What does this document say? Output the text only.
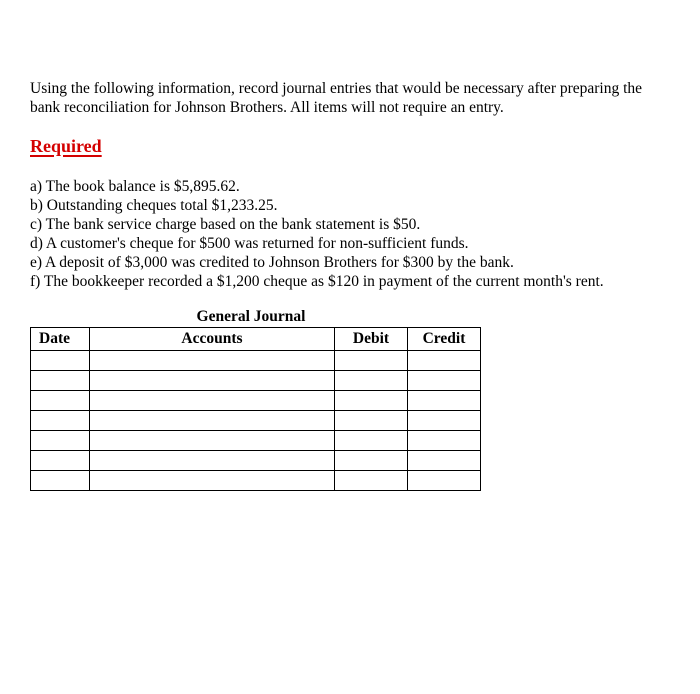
Using the following information, record journal entries that would be necessary after preparing the bank reconciliation for Johnson Brothers. All items will not require an entry.
Required
a) The book balance is $5,895.62.
b) Outstanding cheques total $1,233.25.
c) The bank service charge based on the bank statement is $50.
d) A customer's cheque for $500 was returned for non-sufficient funds.
e) A deposit of $3,000 was credited to Johnson Brothers for $300 by the bank.
f) The bookkeeper recorded a $1,200 cheque as $120 in payment of the current month's rent.
General Journal
Date	Accounts	Debit	Credit
